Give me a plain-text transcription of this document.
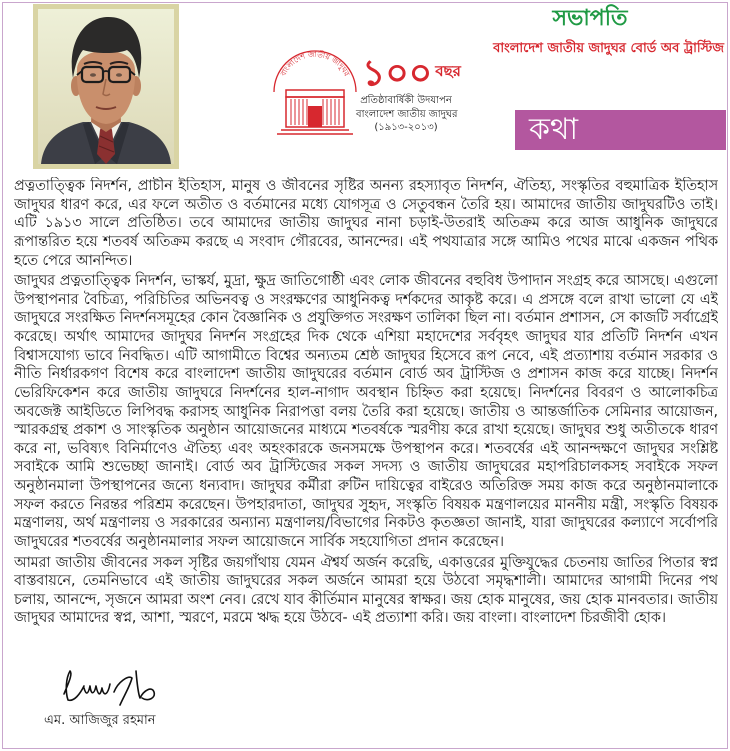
বাংলাদেশ জাতীয় জাদুঘর ১০০ বছর
প্রতিষ্ঠাবার্ষিকী উদযাপন
বাংলাদেশ জাতীয় জাদুঘর
(১৯১৩-২০১৩)
সভাপতি
বাংলাদেশ জাতীয় জাদুঘর বোর্ড অব ট্রাস্টিজ
কথা

প্রত্নতাত্ত্বিক নিদর্শন, প্রাচীন ইতিহাস, মানুষ ও জীবনের সৃষ্টির অনন্য রহস্যাবৃত নিদর্শন, ঐতিহ্য, সংস্কৃতির বহুমাত্রিক ইতিহাস জাদুঘর ধারণ করে, এর ফলে অতীত ও বর্তমানের মধ্যে যোগসূত্র ও সেতুবন্ধন তৈরি হয়। আমাদের জাতীয় জাদুঘরটিও তাই। এটি ১৯১৩ সালে প্রতিষ্ঠিত। তবে আমাদের জাতীয় জাদুঘর নানা চড়াই-উতরাই অতিক্রম করে আজ আধুনিক জাদুঘরে রূপান্তরিত হয়ে শতবর্ষ অতিক্রম করছে এ সংবাদ গৌরবের, আনন্দের। এই পথযাত্রার সঙ্গে আমিও পথের মাঝে একজন পথিক হতে পেরে আনন্দিত।

জাদুঘর প্রত্নতাত্ত্বিক নিদর্শন, ভাস্কর্য, মুদ্রা, ক্ষুদ্র জাতিগোষ্ঠী এবং লোক জীবনের বহুবিধ উপাদান সংগ্রহ করে আসছে। এগুলো উপস্থাপনার বৈচিত্র্য, পরিচিতির অভিনবত্ব ও সংরক্ষণের আধুনিকত্ব দর্শকদের আকৃষ্ট করে। এ প্রসঙ্গে বলে রাখা ভালো যে এই জাদুঘরে সংরক্ষিত নিদর্শনসমূহের কোন বৈজ্ঞানিক ও প্রযুক্তিগত সংরক্ষণ তালিকা ছিল না। বর্তমান প্রশাসন, সে কাজটি সর্বাগ্রেই করেছে। অর্থাৎ আমাদের জাদুঘর নিদর্শন সংগ্রহের দিক থেকে এশিয়া মহাদেশের সর্ববৃহৎ জাদুঘর যার প্রতিটি নিদর্শন এখন বিশ্বাসযোগ্য ভাবে নিবদ্ধিত। এটি আগামীতে বিশ্বের অন্যতম শ্রেষ্ঠ জাদুঘর হিসেবে রূপ নেবে, এই প্রত্যাশায় বর্তমান সরকার ও নীতি নির্ধারকগণ বিশেষ করে বাংলাদেশ জাতীয় জাদুঘরের বর্তমান বোর্ড অব ট্রাস্টিজ ও প্রশাসন কাজ করে যাচ্ছে। নিদর্শন ভেরিফিকেশন করে জাতীয় জাদুঘরে নিদর্শনের হাল-নাগাদ অবস্থান চিহ্নিত করা হয়েছে। নিদর্শনের বিবরণ ও আলোকচিত্র অবজেক্ট আইডিতে লিপিবদ্ধ করাসহ আধুনিক নিরাপত্তা বলয় তৈরি করা হয়েছে। জাতীয় ও আন্তর্জাতিক সেমিনার আয়োজন, স্মারকগ্রন্থ প্রকাশ ও সাংস্কৃতিক অনুষ্ঠান আয়োজনের মাধ্যমে শতবর্ষকে স্মরণীয় করে রাখা হয়েছে। জাদুঘর শুধু অতীতকে ধারণ করে না, ভবিষ্যৎ বিনির্মাণেও ঐতিহ্য এবং অহংকারকে জনসমক্ষে উপস্থাপন করে। শতবর্ষের এই আনন্দক্ষণে জাদুঘর সংশ্লিষ্ট সবাইকে আমি শুভেচ্ছা জানাই। বোর্ড অব ট্রাস্টিজের সকল সদস্য ও জাতীয় জাদুঘরের মহাপরিচালকসহ সবাইকে সফল অনুষ্ঠানমালা উপস্থাপনের জন্যে ধন্যবাদ। জাদুঘর কর্মীরা রুটিন দায়িত্বের বাইরেও অতিরিক্ত সময় কাজ করে অনুষ্ঠানমালাকে সফল করতে নিরন্তর পরিশ্রম করেছেন। উপহারদাতা, জাদুঘর সুহৃদ, সংস্কৃতি বিষয়ক মন্ত্রণালয়ের মাননীয় মন্ত্রী, সংস্কৃতি বিষয়ক মন্ত্রণালয়, অর্থ মন্ত্রণালয় ও সরকারের অন্যান্য মন্ত্রণালয়/বিভাগের নিকটও কৃতজ্ঞতা জানাই, যারা জাদুঘরের কল্যাণে সর্বোপরি জাদুঘরের শতবর্ষের অনুষ্ঠানমালার সফল আয়োজনে সার্বিক সহযোগিতা প্রদান করেছেন।

আমরা জাতীয় জীবনের সকল সৃষ্টির জয়গাঁথায় যেমন ঐশ্বর্য অর্জন করেছি, একাত্তরের মুক্তিযুদ্ধের চেতনায় জাতির পিতার স্বপ্ন বাস্তবায়নে, তেমনিভাবে এই জাতীয় জাদুঘরের সকল অর্জনে আমরা হয়ে উঠবো সমৃদ্ধশালী। আমাদের আগামী দিনের পথ চলায়, আনন্দে, সৃজনে আমরা অংশ নেব। রেখে যাব কীর্তিমান মানুষের স্বাক্ষর। জয় হোক মানুষের, জয় হোক মানবতার। জাতীয় জাদুঘর আমাদের স্বপ্ন, আশা, স্মরণে, মরমে ঋদ্ধ হয়ে উঠবে- এই প্রত্যাশা করি। জয় বাংলা। বাংলাদেশ চিরজীবী হোক।

এম. আজিজুর রহমান
